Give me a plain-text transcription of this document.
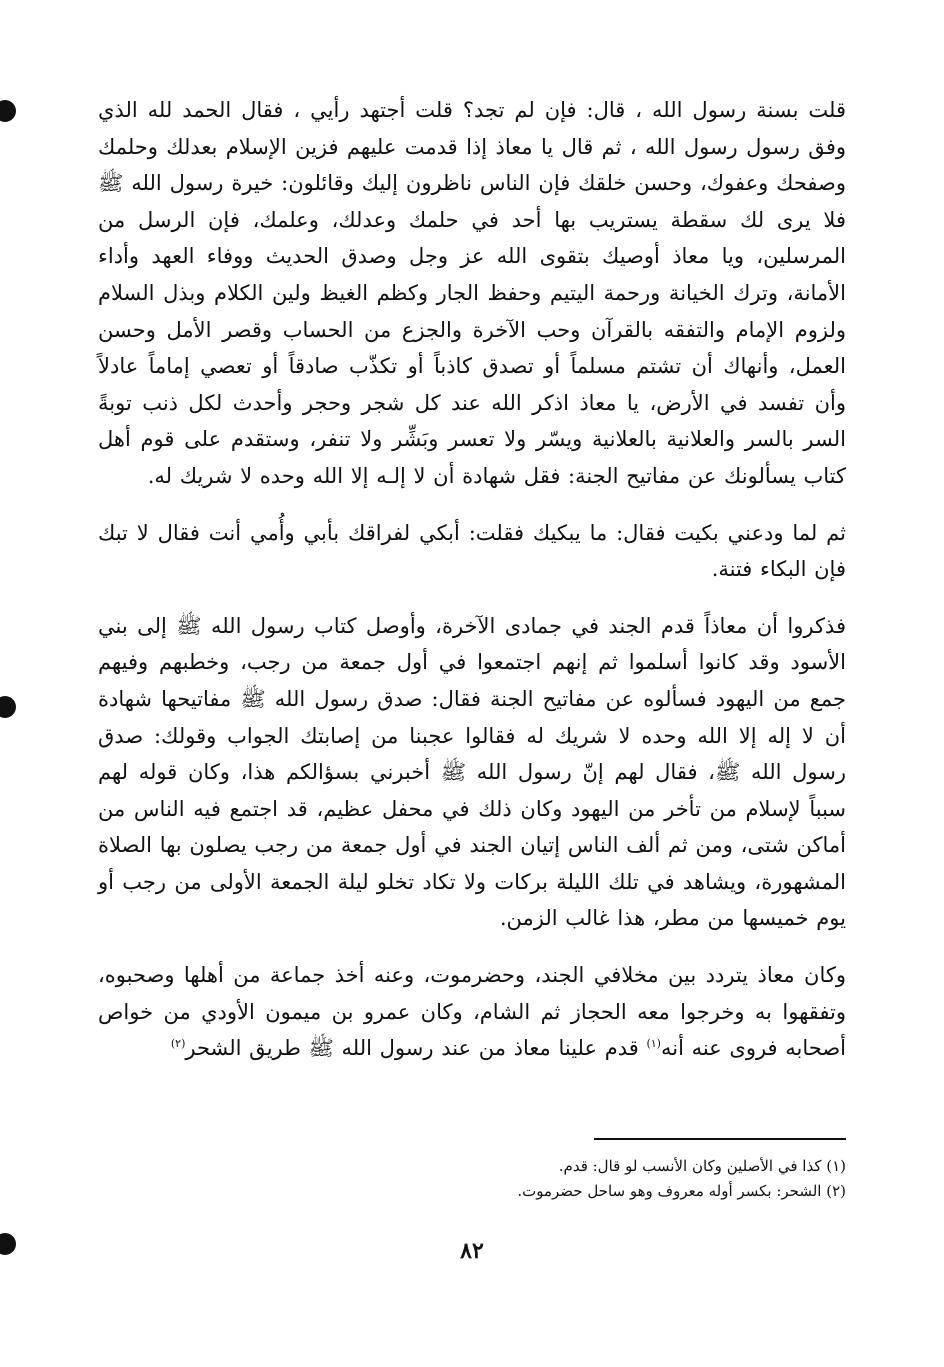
قلت بسنة رسول الله ، قال: فإن لم تجد؟ قلت أجتهد رأيي ، فقال الحمد لله الذي وفق رسول رسول الله ، ثم قال يا معاذ إذا قدمت عليهم فزين الإسلام بعدلك وحلمك وصفحك وعفوك، وحسن خلقك فإن الناس ناظرون إليك وقائلون: خيرة رسول الله ﷺ فلا يرى لك سقطة يستريب بها أحد في حلمك وعدلك، وعلمك، فإن الرسل من المرسلين، ويا معاذ أوصيك بتقوى الله عز وجل وصدق الحديث ووفاء العهد وأداء الأمانة، وترك الخيانة ورحمة اليتيم وحفظ الجار وكظم الغيظ ولين الكلام وبذل السلام ولزوم الإمام والتفقه بالقرآن وحب الآخرة والجزع من الحساب وقصر الأمل وحسن العمل، وأنهاك أن تشتم مسلماً أو تصدق كاذباً أو تكذّب صادقاً أو تعصي إماماً عادلاً وأن تفسد في الأرض، يا معاذ اذكر الله عند كل شجر وحجر وأحدث لكل ذنب توبةً السر بالسر والعلانية بالعلانية ويسّر ولا تعسر وبَشِّر ولا تنفر، وستقدم على قوم أهل كتاب يسألونك عن مفاتيح الجنة: فقل شهادة أن لا إلـه إلا الله وحده لا شريك له.

ثم لما ودعني بكيت فقال: ما يبكيك فقلت: أبكي لفراقك بأبي وأُمي أنت فقال لا تبك فإن البكاء فتنة.

فذكروا أن معاذاً قدم الجند في جمادى الآخرة، وأوصل كتاب رسول الله ﷺ إلى بني الأسود وقد كانوا أسلموا ثم إنهم اجتمعوا في أول جمعة من رجب، وخطبهم وفيهم جمع من اليهود فسألوه عن مفاتيح الجنة فقال: صدق رسول الله ﷺ مفاتيحها شهادة أن لا إله إلا الله وحده لا شريك له فقالوا عجبنا من إصابتك الجواب وقولك: صدق رسول الله ﷺ، فقال لهم إنّ رسول الله ﷺ أخبرني بسؤالكم هذا، وكان قوله لهم سبباً لإسلام من تأخر من اليهود وكان ذلك في محفل عظيم، قد اجتمع فيه الناس من أماكن شتى، ومن ثم ألف الناس إتيان الجند في أول جمعة من رجب يصلون بها الصلاة المشهورة، ويشاهد في تلك الليلة بركات ولا تكاد تخلو ليلة الجمعة الأولى من رجب أو يوم خميسها من مطر، هذا غالب الزمن.

وكان معاذ يتردد بين مخلافي الجند، وحضرموت، وعنه أخذ جماعة من أهلها وصحبوه، وتفقهوا به وخرجوا معه الحجاز ثم الشام، وكان عمرو بن ميمون الأودي من خواص أصحابه فروى عنه أنه$^{(١)}$ قدم علينا معاذ من عند رسول الله ﷺ طريق الشحر$^{(٢)}$

(١) كذا في الأصلين وكان الأنسب لو قال: قدم.

(٢) الشحر: بكسر أوله معروف وهو ساحل حضرموت.

٨٢
